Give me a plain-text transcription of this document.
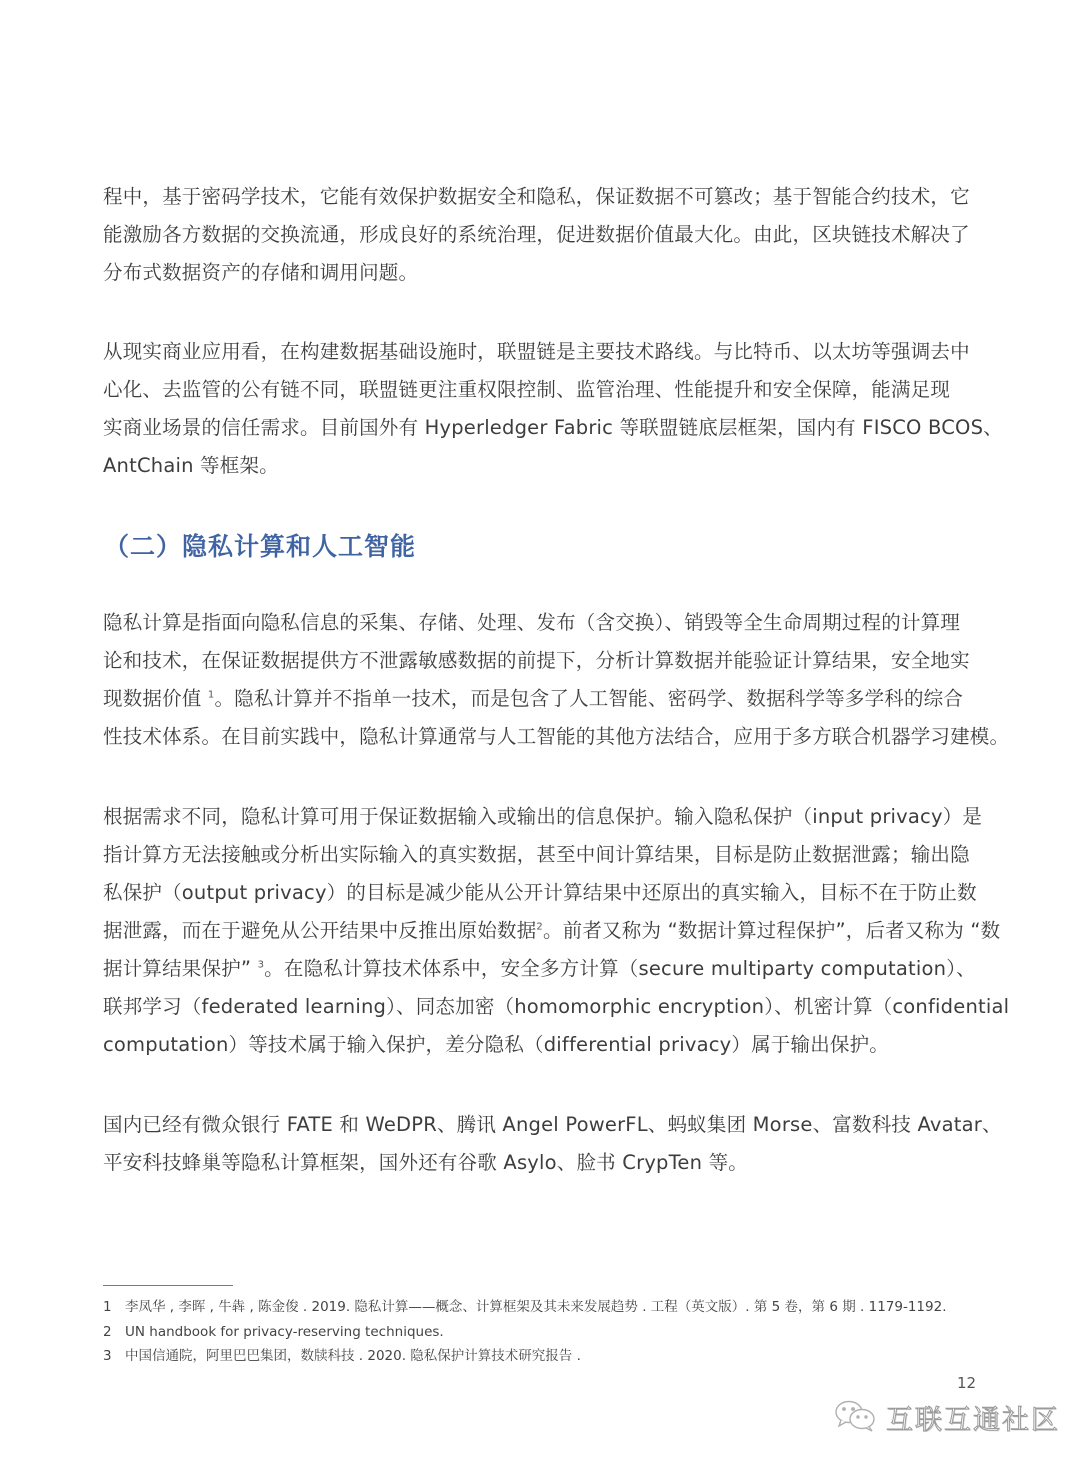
程中，基于密码学技术，它能有效保护数据安全和隐私，保证数据不可篡改；基于智能合约技术，它
能激励各方数据的交换流通，形成良好的系统治理，促进数据价值最大化。由此，区块链技术解决了
分布式数据资产的存储和调用问题。

从现实商业应用看，在构建数据基础设施时，联盟链是主要技术路线。与比特币、以太坊等强调去中
心化、去监管的公有链不同，联盟链更注重权限控制、监管治理、性能提升和安全保障，能满足现
实商业场景的信任需求。目前国外有 Hyperledger Fabric 等联盟链底层框架，国内有 FISCO BCOS、
AntChain 等框架。

（二）隐私计算和人工智能

隐私计算是指面向隐私信息的采集、存储、处理、发布（含交换）、销毁等全生命周期过程的计算理
论和技术，在保证数据提供方不泄露敏感数据的前提下，分析计算数据并能验证计算结果，安全地实
现数据价值 $^1$。隐私计算并不指单一技术，而是包含了人工智能、密码学、数据科学等多学科的综合
性技术体系。在目前实践中，隐私计算通常与人工智能的其他方法结合，应用于多方联合机器学习建模。

根据需求不同，隐私计算可用于保证数据输入或输出的信息保护。输入隐私保护（input privacy）是
指计算方无法接触或分析出实际输入的真实数据，甚至中间计算结果，目标是防止数据泄露；输出隐
私保护（output privacy）的目标是减少能从公开计算结果中还原出的真实输入，目标不在于防止数
据泄露，而在于避免从公开结果中反推出原始数据$^2$。前者又称为 “数据计算过程保护”，后者又称为 “数
据计算结果保护” $^3$。在隐私计算技术体系中，安全多方计算（secure multiparty computation）、
联邦学习（federated learning）、同态加密（homomorphic encryption）、机密计算（confidential
computation）等技术属于输入保护，差分隐私（differential privacy）属于输出保护。

国内已经有微众银行 FATE 和 WeDPR、腾讯 Angel PowerFL、蚂蚁集团 Morse、富数科技 Avatar、
平安科技蜂巢等隐私计算框架，国外还有谷歌 Asylo、脸书 CrypTen 等。

1 李凤华 , 李晖 , 牛犇 , 陈金俊 . 2019. 隐私计算——概念、计算框架及其未来发展趋势 . 工程（英文版）. 第 5 卷，第 6 期 . 1179-1192.
2 UN handbook for privacy-reserving techniques.
3 中国信通院，阿里巴巴集团，数牍科技 . 2020. 隐私保护计算技术研究报告 .
12
互联互通社区
